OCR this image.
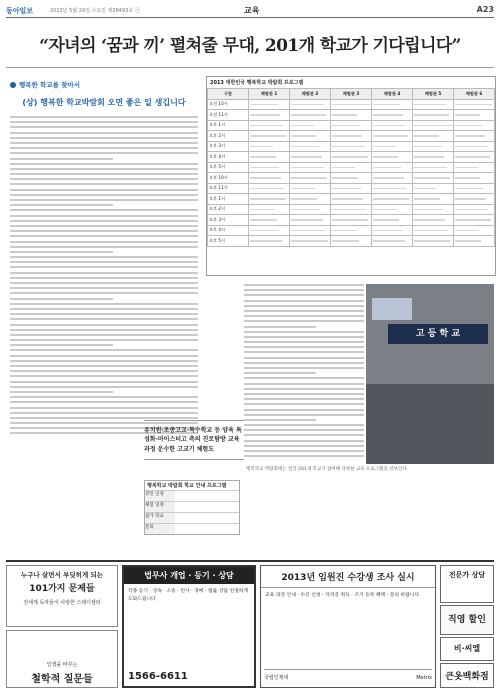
동아일보	2013년 5월 29일 수요일 제28493호 ㊉	교육	A23
“자녀의 ‘꿈과 끼’ 펼쳐줄 무대, 201개 학교가 기다립니다”
행복한 학교를 찾아서
(상) 행복한 학교박람회 오면 좋은 일 생깁니다
유치원·초중고교·특수학교 등 양육 특성화·마이스터고 측의 진로탐방 교육과정 운수한 고교기 체험도
2013 대한민국 행복학교 박람회 프로그램
구분	체험관 1	체험관 2	체험관 3	체험관 4	체험관 5	체험관 6
오전 10시	

오전 11시	

오후 1시	

오후 2시	

오후 3시	

오후 4시	

오후 5시	

오후 10시	

오후 11시	

오후 1시	

오후 2시	

오후 3시	

오후 4시	

오후 5시	

고 등 학 교
행복학교 박람회에는 전국 201개 학교가 참여해 다양한 교육 프로그램을 선보인다.
행복학교 박람회 학교 안내 프로그램
강연 일정
체험 일정
참가 학교
문의
누구나 살면서 부딪히게 되는
101가지 문제들
전세계 독자들이 사랑한 스테디셀러
인생을 바꾸는
철학적 질문들
법무사 개업 · 등기 · 상담
각종 등기 · 상속 · 소송 · 민사 · 경매 · 법률 상담 친절하게 도와드립니다
1566-6611
2013년 임원진 수강생 조사 실시
교육 과정 안내 · 수강 신청 · 자격증 취득 · 조기 등록 혜택 · 문의 바랍니다
국립인제대	Metrix
전문가 상담
직영 할인
비·씨엘
큰옷백화점
